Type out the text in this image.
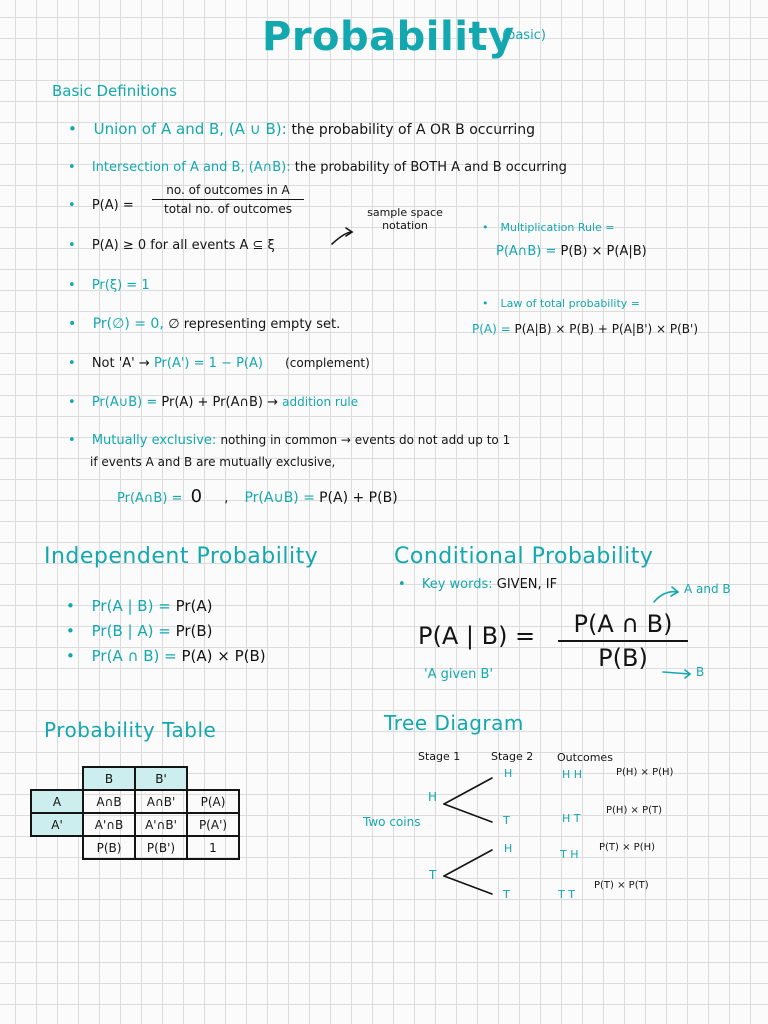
Probability
(basic)
Basic Definitions
• Union of A and B, (A ∪ B): the probability of A OR B occurring
• Intersection of A and B, (A∩B): the probability of BOTH A and B occurring
• P(A) =
no. of outcomes in A
total no. of outcomes
• P(A) ≥ 0 for all events A ⊆ ξ
sample space notation
• Pr(ξ) = 1
• Pr(∅) = 0, ∅ representing empty set.
• Not 'A' → Pr(A') = 1 − P(A) (complement)
• Pr(A∪B) = Pr(A) + Pr(A∩B) → addition rule
• Mutually exclusive: nothing in common → events do not add up to 1
if events A and B are mutually exclusive,
Pr(A∩B) = 0 , Pr(A∪B) = P(A) + P(B)
• Multiplication Rule =
P(A∩B) = P(B) × P(A|B)
• Law of total probability =
P(A) = P(A|B) × P(B) + P(A|B') × P(B')
Independent Probability
• Pr(A | B) = Pr(A)
• Pr(B | A) = Pr(B)
• Pr(A ∩ B) = P(A) × P(B)
Conditional Probability
• Key words: GIVEN, IF	A and B
P(A | B) =	P(A ∩ B)
P(B)	B
'A given B'
Probability Table
	B	B'	
A	A∩B	A∩B'	P(A)
A'	A'∩B	A'∩B'	P(A')
	P(B)	P(B')	1
Tree Diagram
Stage 1	Stage 2 Outcomes
Two coins
H
T
H
T
H
T
H H
H T
T H
T T
P(H) × P(H)
P(H) × P(T)
P(T) × P(H)
P(T) × P(T)
